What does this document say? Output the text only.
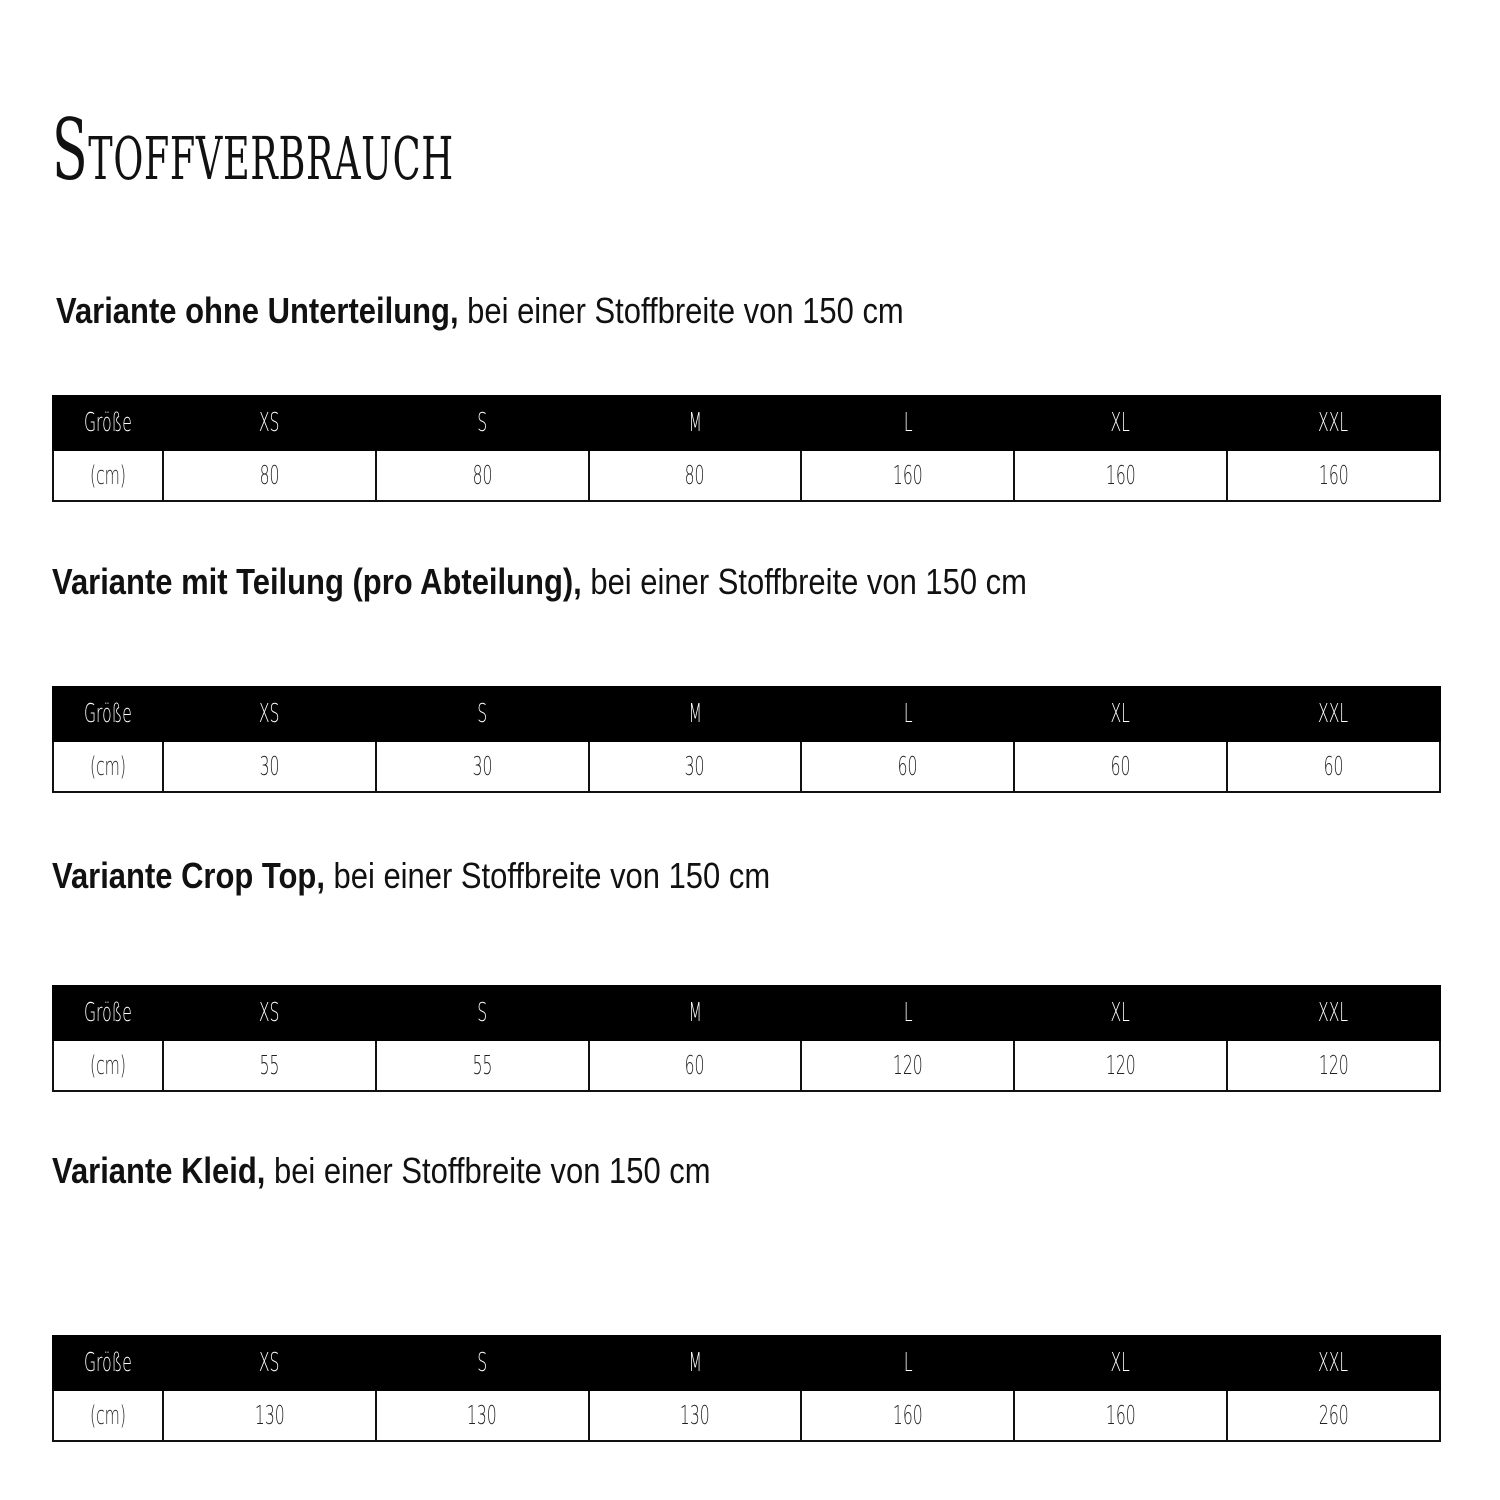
Stoffverbrauch
Variante ohne Unterteilung, bei einer Stoffbreite von 150 cm
Größe	XS	S	M	L	XL	XXL
(cm)	80	80	80	160	160	160
Variante mit Teilung (pro Abteilung), bei einer Stoffbreite von 150 cm
Größe	XS	S	M	L	XL	XXL
(cm)	30	30	30	60	60	60
Variante Crop Top, bei einer Stoffbreite von 150 cm
Größe	XS	S	M	L	XL	XXL
(cm)	55	55	60	120	120	120
Variante Kleid, bei einer Stoffbreite von 150 cm
Größe	XS	S	M	L	XL	XXL
(cm)	130	130	130	160	160	260
